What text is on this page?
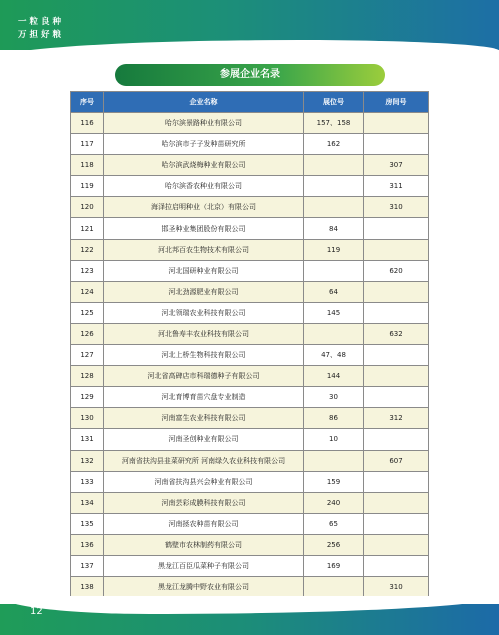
一粒良种
万担好粮
参展企业名录
序号	企业名称	展位号	房间号
116	哈尔滨景路种业有限公司	157、158	
117	哈尔滨市子子发种苗研究所	162	
118	哈尔滨武烧梅种业有限公司		307
119	哈尔滨香农种业有限公司		311
120	海泽拉启明种业（北京）有限公司		310
121	邯圣种业集团股份有限公司	84	
122	河北邦百农生物技术有限公司	119	
123	河北国研种业有限公司		620
124	河北劲源肥业有限公司	64	
125	河北领瑞农业科技有限公司	145	
126	河北鲁寿丰农业科技有限公司		632
127	河北上桥生物科技有限公司	47、48	
128	河北省高碑店市科瑞德种子有限公司	144	
129	河北育博育苗穴盘专业制造	30	
130	河南富生农业科技有限公司	86	312
131	河南圣创种业有限公司	10	
132	河南省扶沟县韭菜研究所 河南绿久农业科技有限公司		607
133	河南省扶沟县兴会种业有限公司	159	
134	河南芸彩成膜科技有限公司	240	
135	河南拯农种苗有限公司	65	
136	鹤壁市农林制药有限公司	256	
137	黑龙江百臣瓜菜种子有限公司	169	
138	黑龙江龙腾中野农业有限公司		310
12
